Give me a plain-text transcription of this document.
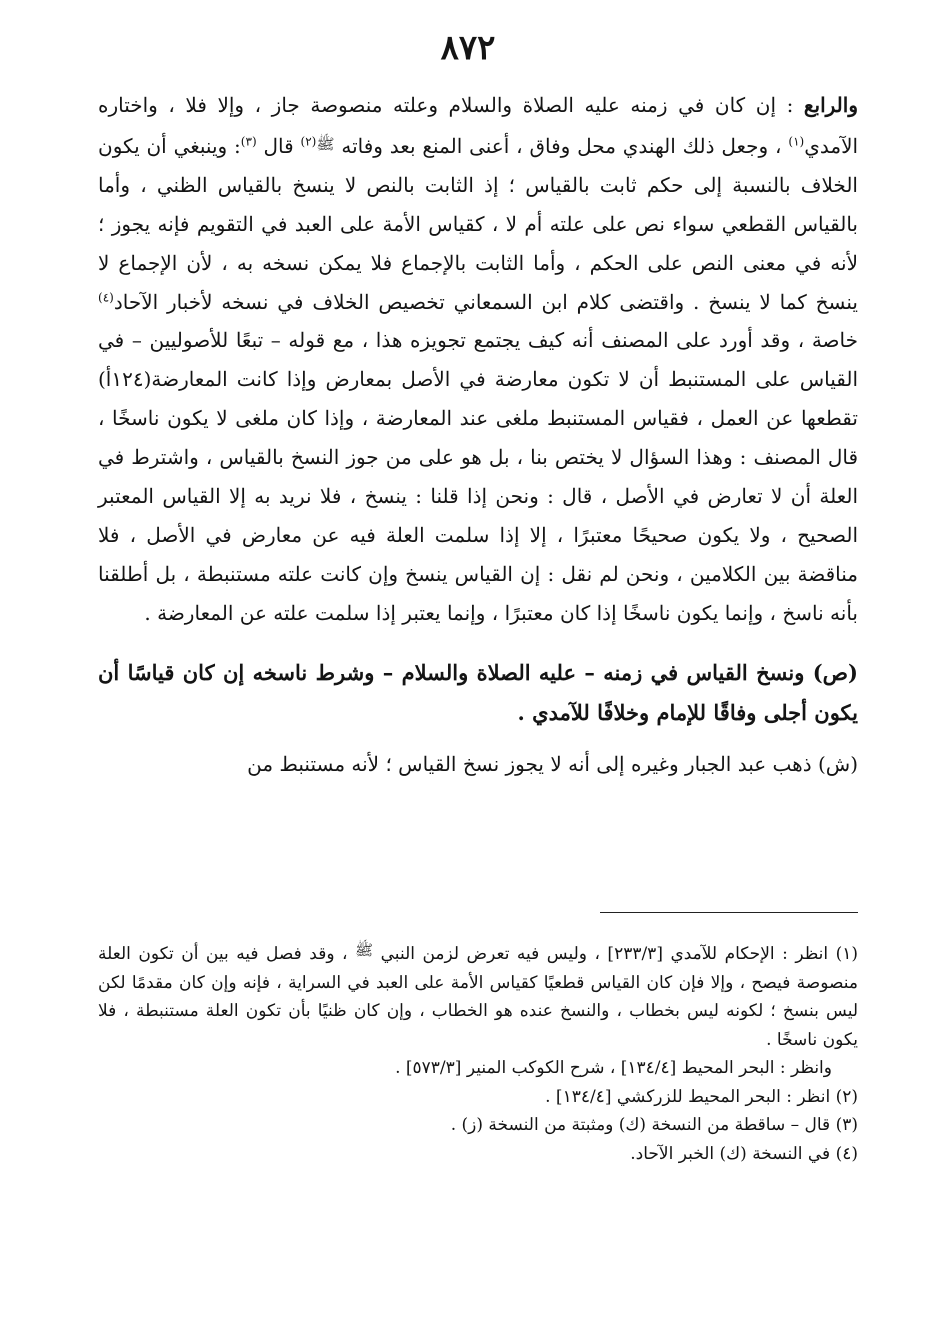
٨٧٢

والرابع : إن كان في زمنه عليه الصلاة والسلام وعلته منصوصة جاز ، وإلا فلا ، واختاره الآمدي$^{(١)}$ ، وجعل ذلك الهندي محل وفاق ، أعنى المنع بعد وفاته ﷺ$^{(٢)}$ قال $^{(٣)}$: وينبغي أن يكون الخلاف بالنسبة إلى حكم ثابت بالقياس ؛ إذ الثابت بالنص لا ينسخ بالقياس الظني ، وأما بالقياس القطعي سواء نص على علته أم لا ، كقياس الأمة على العبد في التقويم فإنه يجوز ؛ لأنه في معنى النص على الحكم ، وأما الثابت بالإجماع فلا يمكن نسخه به ، لأن الإجماع لا ينسخ كما لا ينسخ . واقتضى كلام ابن السمعاني تخصيص الخلاف في نسخه لأخبار الآحاد$^{(٤)}$ خاصة ، وقد أورد على المصنف أنه كيف يجتمع تجويزه هذا ، مع قوله – تبعًا للأصوليين – في القياس على المستنبط أن لا تكون معارضة في الأصل بمعارض وإذا كانت المعارضة(١٢٤أ) تقطعها عن العمل ، فقياس المستنبط ملغى عند المعارضة ، وإذا كان ملغى لا يكون ناسخًا ، قال المصنف : وهذا السؤال لا يختص بنا ، بل هو على من جوز النسخ بالقياس ، واشترط في العلة أن لا تعارض في الأصل ، قال : ونحن إذا قلنا : ينسخ ، فلا نريد به إلا القياس المعتبر الصحيح ، ولا يكون صحيحًا معتبرًا ، إلا إذا سلمت العلة فيه عن معارض في الأصل ، فلا مناقضة بين الكلامين ، ونحن لم نقل : إن القياس ينسخ وإن كانت علته مستنبطة ، بل أطلقنا بأنه ناسخ ، وإنما يكون ناسخًا إذا كان معتبرًا ، وإنما يعتبر إذا سلمت علته عن المعارضة .

(ص) ونسخ القياس في زمنه – عليه الصلاة والسلام – وشرط ناسخه إن كان قياسًا أن يكون أجلى وفاقًا للإمام وخلافًا للآمدي .

(ش) ذهب عبد الجبار وغيره إلى أنه لا يجوز نسخ القياس ؛ لأنه مستنبط من

(١) انظر : الإحكام للآمدي [٢٣٣/٣] ، وليس فيه تعرض لزمن النبي ﷺ ، وقد فصل فيه بين أن تكون العلة منصوصة فيصح ، وإلا فإن كان القياس قطعيًا كقياس الأمة على العبد في السراية ، فإنه وإن كان مقدمًا لكن ليس بنسخ ؛ لكونه ليس بخطاب ، والنسخ عنده هو الخطاب ، وإن كان ظنيًا بأن تكون العلة مستنبطة ، فلا يكون ناسخًا .

وانظر : البحر المحيط [١٣٤/٤] ، شرح الكوكب المنير [٥٧٣/٣] .

(٢) انظر : البحر المحيط للزركشي [١٣٤/٤] .

(٣) قال – ساقطة من النسخة (ك) ومثبتة من النسخة (ز) .

(٤) في النسخة (ك) الخبر الآحاد.
